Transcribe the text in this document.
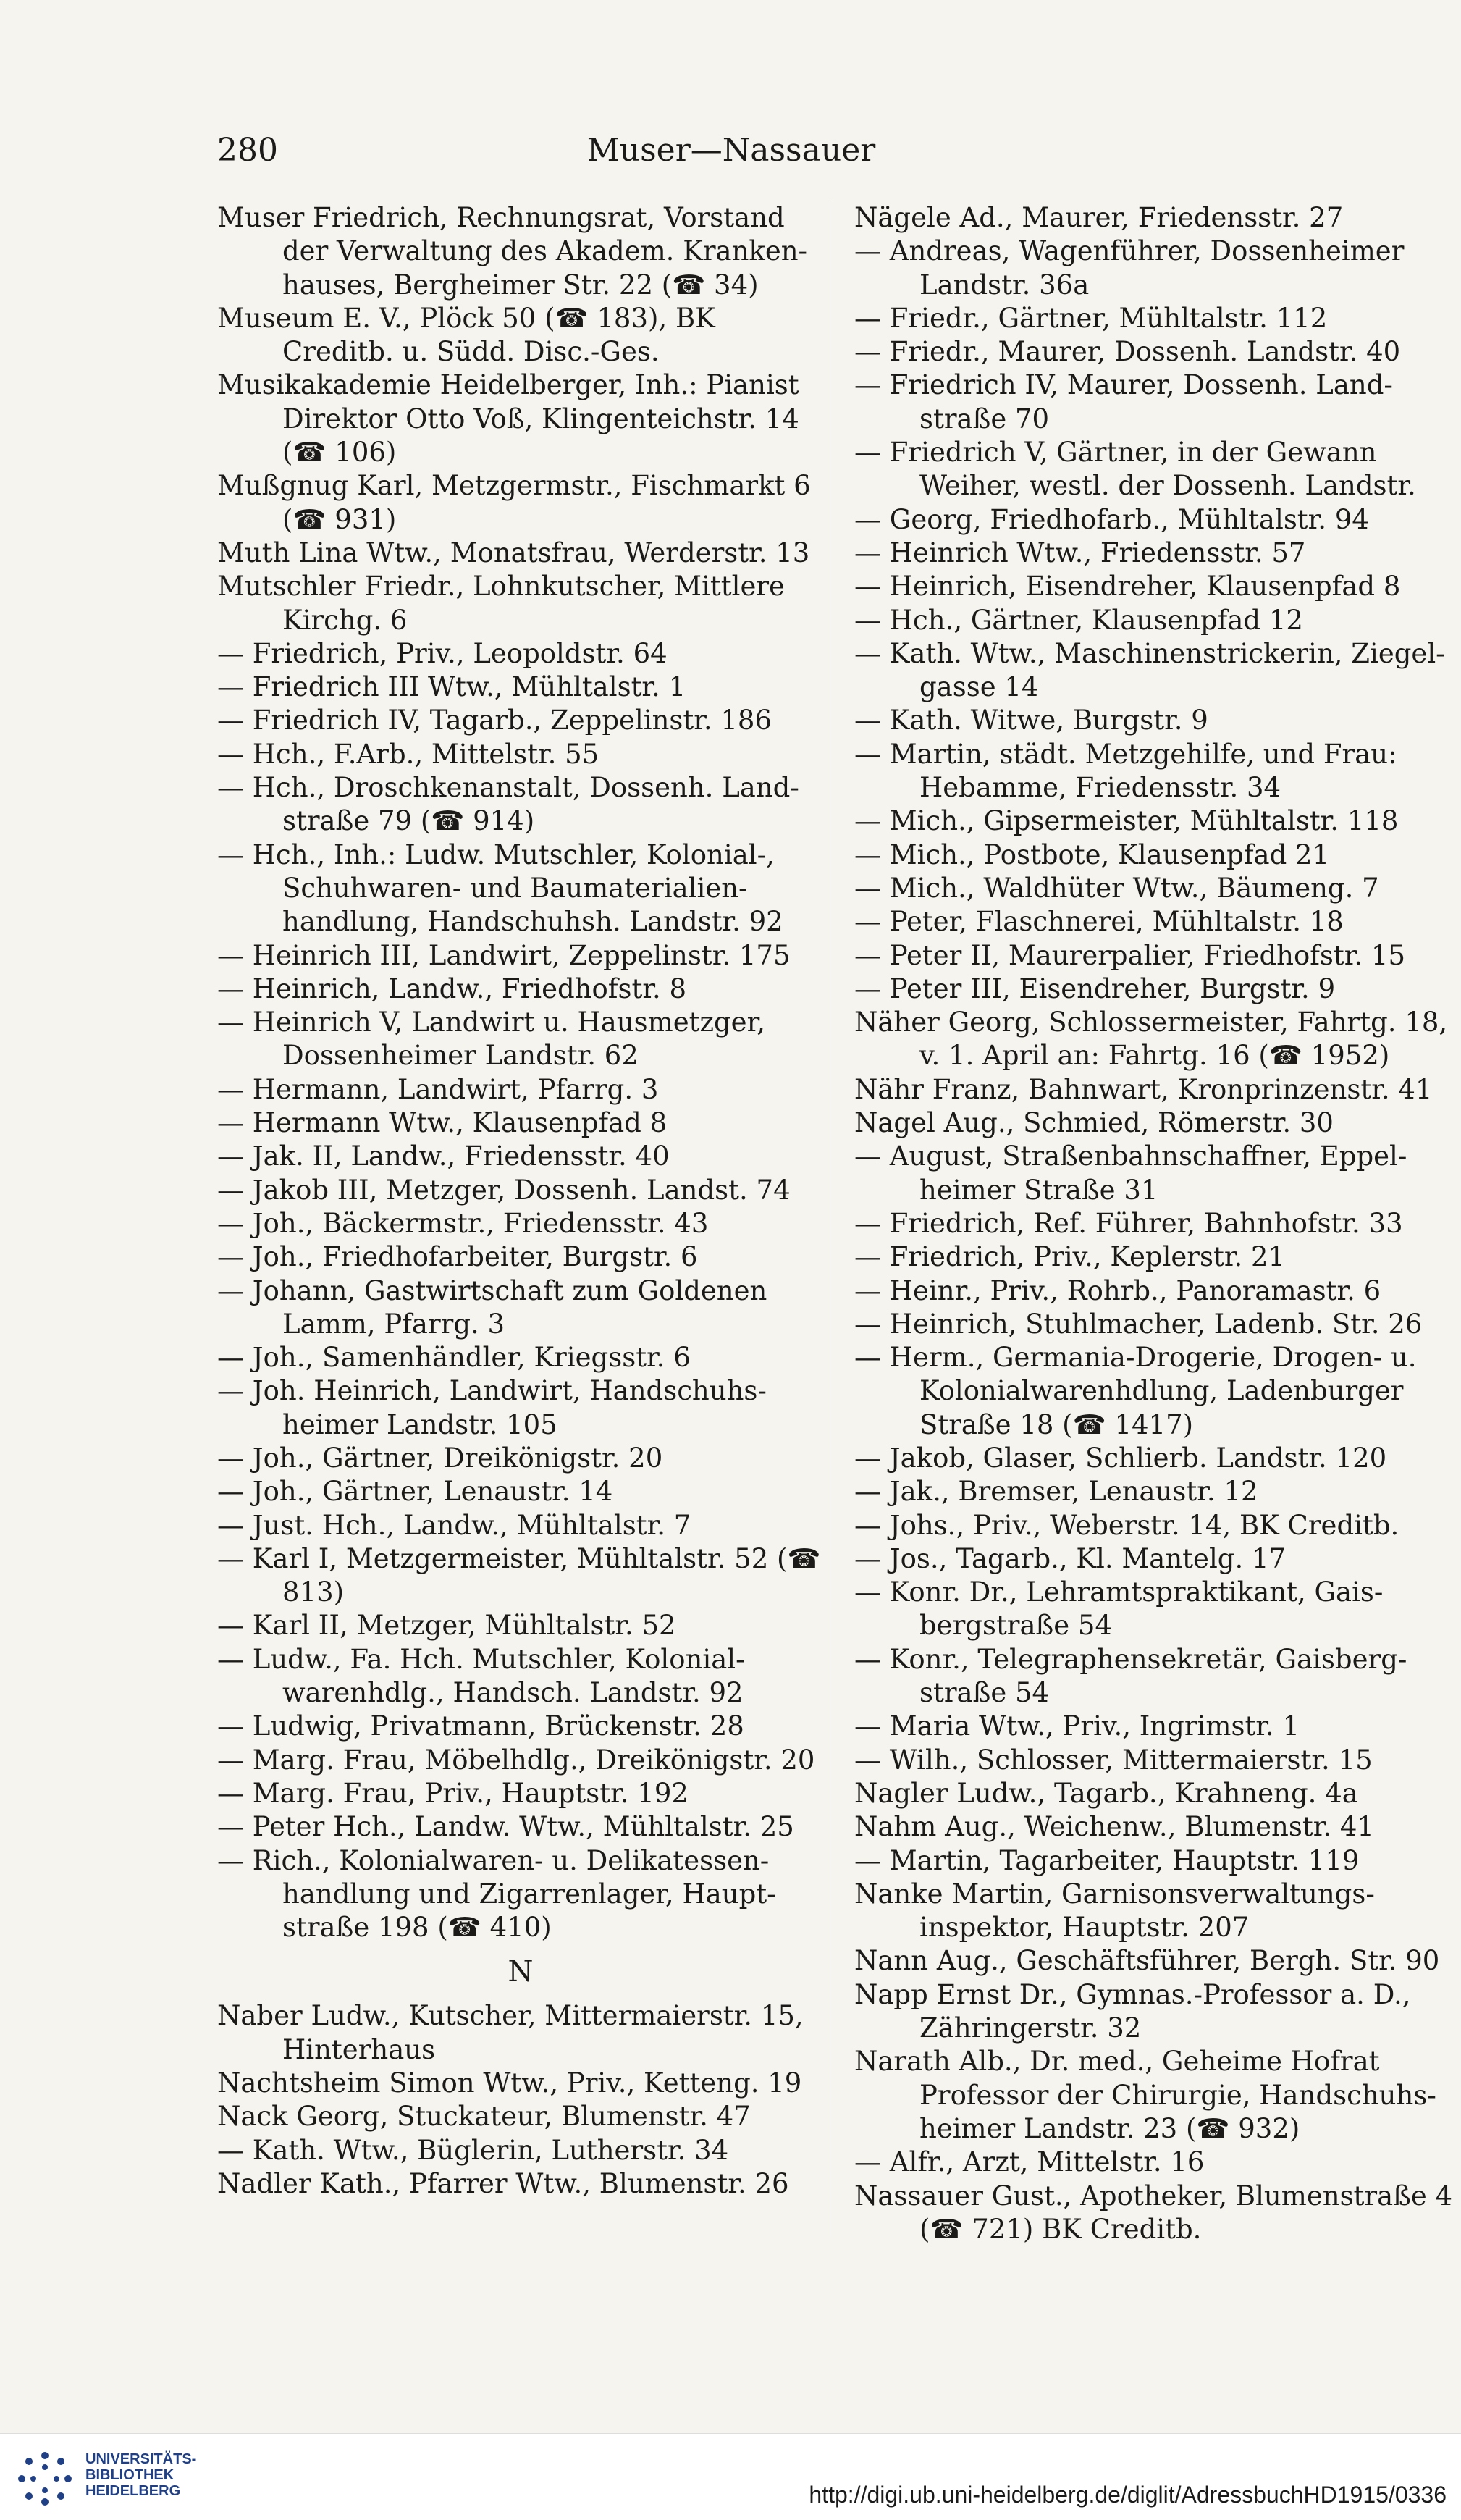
280	Muser—Nassauer
Muser Friedrich, Rechnungsrat, Vorstand der Verwaltung des Akadem. Kranken- hauses, Bergheimer Str. 22 (☎ 34)
Museum E. V., Plöck 50 (☎ 183), BK Creditb. u. Südd. Disc.-Ges.
Musikakademie Heidelberger, Inh.: Pianist Direktor Otto Voß, Klingenteichstr. 14 (☎ 106)
Mußgnug Karl, Metzgermstr., Fischmarkt 6 (☎ 931)
Muth Lina Wtw., Monatsfrau, Werderstr. 13
Mutschler Friedr., Lohnkutscher, Mittlere Kirchg. 6
— Friedrich, Priv., Leopoldstr. 64
— Friedrich III Wtw., Mühltalstr. 1
— Friedrich IV, Tagarb., Zeppelinstr. 186
— Hch., F.Arb., Mittelstr. 55
— Hch., Droschkenanstalt, Dossenh. Land- straße 79 (☎ 914)
— Hch., Inh.: Ludw. Mutschler, Kolonial-, Schuhwaren- und Baumaterialien- handlung, Handschuhsh. Landstr. 92
— Heinrich III, Landwirt, Zeppelinstr. 175
— Heinrich, Landw., Friedhofstr. 8
— Heinrich V, Landwirt u. Hausmetzger, Dossenheimer Landstr. 62
— Hermann, Landwirt, Pfarrg. 3
— Hermann Wtw., Klausenpfad 8
— Jak. II, Landw., Friedensstr. 40
— Jakob III, Metzger, Dossenh. Landst. 74
— Joh., Bäckermstr., Friedensstr. 43
— Joh., Friedhofarbeiter, Burgstr. 6
— Johann, Gastwirtschaft zum Goldenen Lamm, Pfarrg. 3
— Joh., Samenhändler, Kriegsstr. 6
— Joh. Heinrich, Landwirt, Handschuhs- heimer Landstr. 105
— Joh., Gärtner, Dreikönigstr. 20
— Joh., Gärtner, Lenaustr. 14
— Just. Hch., Landw., Mühltalstr. 7
— Karl I, Metzgermeister, Mühltalstr. 52 (☎ 813)
— Karl II, Metzger, Mühltalstr. 52
— Ludw., Fa. Hch. Mutschler, Kolonial- warenhdlg., Handsch. Landstr. 92
— Ludwig, Privatmann, Brückenstr. 28
— Marg. Frau, Möbelhdlg., Dreikönigstr. 20
— Marg. Frau, Priv., Hauptstr. 192
— Peter Hch., Landw. Wtw., Mühltalstr. 25
— Rich., Kolonialwaren- u. Delikatessen- handlung und Zigarrenlager, Haupt- straße 198 (☎ 410)
N
Naber Ludw., Kutscher, Mittermaierstr. 15, Hinterhaus
Nachtsheim Simon Wtw., Priv., Ketteng. 19
Nack Georg, Stuckateur, Blumenstr. 47
— Kath. Wtw., Büglerin, Lutherstr. 34
Nadler Kath., Pfarrer Wtw., Blumenstr. 26
Nägele Ad., Maurer, Friedensstr. 27
— Andreas, Wagenführer, Dossenheimer Landstr. 36a
— Friedr., Gärtner, Mühltalstr. 112
— Friedr., Maurer, Dossenh. Landstr. 40
— Friedrich IV, Maurer, Dossenh. Land- straße 70
— Friedrich V, Gärtner, in der Gewann Weiher, westl. der Dossenh. Landstr.
— Georg, Friedhofarb., Mühltalstr. 94
— Heinrich Wtw., Friedensstr. 57
— Heinrich, Eisendreher, Klausenpfad 8
— Hch., Gärtner, Klausenpfad 12
— Kath. Wtw., Maschinenstrickerin, Ziegel- gasse 14
— Kath. Witwe, Burgstr. 9
— Martin, städt. Metzgehilfe, und Frau: Hebamme, Friedensstr. 34
— Mich., Gipsermeister, Mühltalstr. 118
— Mich., Postbote, Klausenpfad 21
— Mich., Waldhüter Wtw., Bäumeng. 7
— Peter, Flaschnerei, Mühltalstr. 18
— Peter II, Maurerpalier, Friedhofstr. 15
— Peter III, Eisendreher, Burgstr. 9
Näher Georg, Schlossermeister, Fahrtg. 18, v. 1. April an: Fahrtg. 16 (☎ 1952)
Nähr Franz, Bahnwart, Kronprinzenstr. 41
Nagel Aug., Schmied, Römerstr. 30
— August, Straßenbahnschaffner, Eppel- heimer Straße 31
— Friedrich, Ref. Führer, Bahnhofstr. 33
— Friedrich, Priv., Keplerstr. 21
— Heinr., Priv., Rohrb., Panoramastr. 6
— Heinrich, Stuhlmacher, Ladenb. Str. 26
— Herm., Germania-Drogerie, Drogen- u. Kolonialwarenhdlung, Ladenburger Straße 18 (☎ 1417)
— Jakob, Glaser, Schlierb. Landstr. 120
— Jak., Bremser, Lenaustr. 12
— Johs., Priv., Weberstr. 14, BK Creditb.
— Jos., Tagarb., Kl. Mantelg. 17
— Konr. Dr., Lehramtspraktikant, Gais- bergstraße 54
— Konr., Telegraphensekretär, Gaisberg- straße 54
— Maria Wtw., Priv., Ingrimstr. 1
— Wilh., Schlosser, Mittermaierstr. 15
Nagler Ludw., Tagarb., Krahneng. 4a
Nahm Aug., Weichenw., Blumenstr. 41
— Martin, Tagarbeiter, Hauptstr. 119
Nanke Martin, Garnisonsverwaltungs- inspektor, Hauptstr. 207
Nann Aug., Geschäftsführer, Bergh. Str. 90
Napp Ernst Dr., Gymnas.-Professor a. D., Zähringerstr. 32
Narath Alb., Dr. med., Geheime Hofrat Professor der Chirurgie, Handschuhs- heimer Landstr. 23 (☎ 932)
— Alfr., Arzt, Mittelstr. 16
Nassauer Gust., Apotheker, Blumenstraße 4 (☎ 721) BK Creditb.
UNIVERSITÄTS-
BIBLIOTHEK
HEIDELBERG	http://digi.ub.uni-heidelberg.de/diglit/AdressbuchHD1915/0336
